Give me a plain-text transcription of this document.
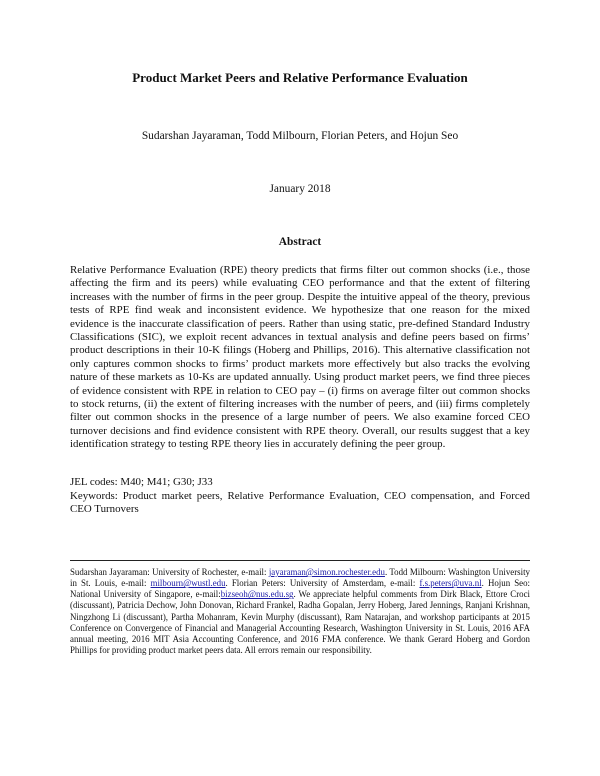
Product Market Peers and Relative Performance Evaluation
Sudarshan Jayaraman, Todd Milbourn, Florian Peters, and Hojun Seo
January 2018
Abstract
Relative Performance Evaluation (RPE) theory predicts that firms filter out common shocks (i.e., those affecting the firm and its peers) while evaluating CEO performance and that the extent of filtering increases with the number of firms in the peer group. Despite the intuitive appeal of the theory, previous tests of RPE find weak and inconsistent evidence. We hypothesize that one reason for the mixed evidence is the inaccurate classification of peers. Rather than using static, pre-defined Standard Industry Classifications (SIC), we exploit recent advances in textual analysis and define peers based on firms’ product descriptions in their 10-K filings (Hoberg and Phillips, 2016). This alternative classification not only captures common shocks to firms’ product markets more effectively but also tracks the evolving nature of these markets as 10-Ks are updated annually. Using product market peers, we find three pieces of evidence consistent with RPE in relation to CEO pay – (i) firms on average filter out common shocks to stock returns, (ii) the extent of filtering increases with the number of peers, and (iii) firms completely filter out common shocks in the presence of a large number of peers. We also examine forced CEO turnover decisions and find evidence consistent with RPE theory. Overall, our results suggest that a key identification strategy to testing RPE theory lies in accurately defining the peer group.
JEL codes: M40; M41; G30; J33
Keywords: Product market peers, Relative Performance Evaluation, CEO compensation, and Forced CEO Turnovers
Sudarshan Jayaraman: University of Rochester, e-mail: jayaraman@simon.rochester.edu. Todd Milbourn: Washington University in St. Louis, e-mail: milbourn@wustl.edu. Florian Peters: University of Amsterdam, e-mail: f.s.peters@uva.nl. Hojun Seo: National University of Singapore, e-mail:bizseoh@nus.edu.sg. We appreciate helpful comments from Dirk Black, Ettore Croci (discussant), Patricia Dechow, John Donovan, Richard Frankel, Radha Gopalan, Jerry Hoberg, Jared Jennings, Ranjani Krishnan, Ningzhong Li (discussant), Partha Mohanram, Kevin Murphy (discussant), Ram Natarajan, and workshop participants at 2015 Conference on Convergence of Financial and Managerial Accounting Research, Washington University in St. Louis, 2016 AFA annual meeting, 2016 MIT Asia Accounting Conference, and 2016 FMA conference. We thank Gerard Hoberg and Gordon Phillips for providing product market peers data. All errors remain our responsibility.
